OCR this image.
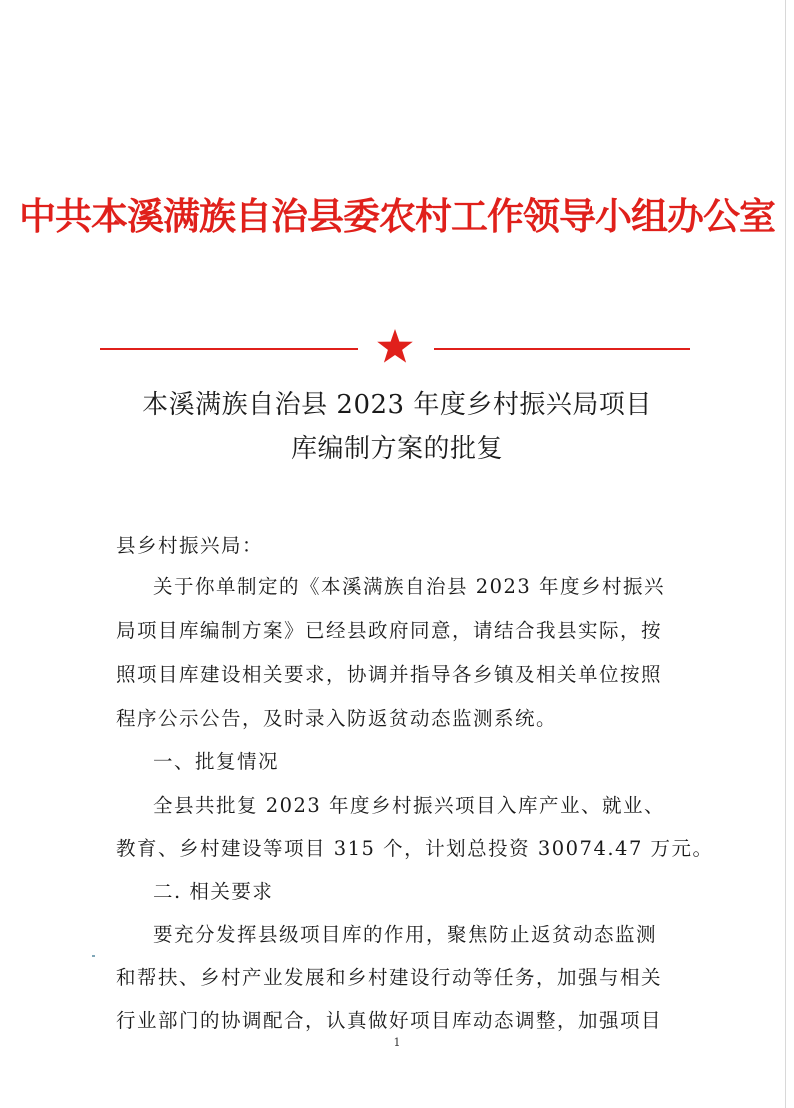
中共本溪满族自治县委农村工作领导小组办公室
本溪满族自治县 2023 年度乡村振兴局项目
库编制方案的批复
县乡村振兴局：
关于你单制定的《本溪满族自治县 2023 年度乡村振兴
局项目库编制方案》已经县政府同意，请结合我县实际，按
照项目库建设相关要求，协调并指导各乡镇及相关单位按照
程序公示公告，及时录入防返贫动态监测系统。
一、批复情况
全县共批复 2023 年度乡村振兴项目入库产业、就业、
教育、乡村建设等项目 315 个，计划总投资 30074.47 万元。
二. 相关要求
要充分发挥县级项目库的作用，聚焦防止返贫动态监测
和帮扶、乡村产业发展和乡村建设行动等任务，加强与相关
行业部门的协调配合，认真做好项目库动态调整，加强项目
1
